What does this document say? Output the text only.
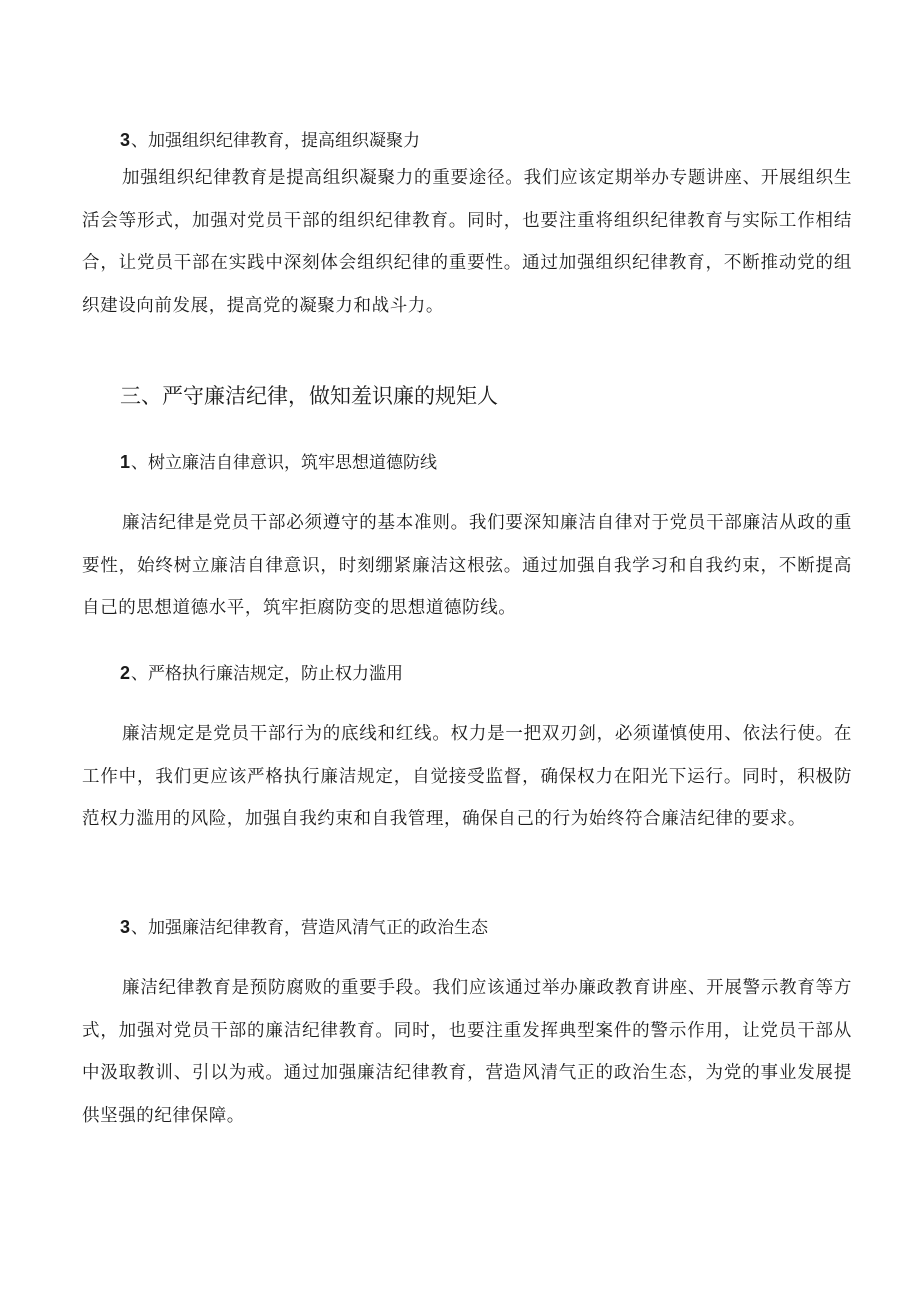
3、加强组织纪律教育，提高组织凝聚力
加强组织纪律教育是提高组织凝聚力的重要途径。我们应该定期举办专题讲座、开展组织生活会等形式，加强对党员干部的组织纪律教育。同时，也要注重将组织纪律教育与实际工作相结合，让党员干部在实践中深刻体会组织纪律的重要性。通过加强组织纪律教育，不断推动党的组织建设向前发展，提高党的凝聚力和战斗力。
三、严守廉洁纪律，做知羞识廉的规矩人
1、树立廉洁自律意识，筑牢思想道德防线
廉洁纪律是党员干部必须遵守的基本准则。我们要深知廉洁自律对于党员干部廉洁从政的重要性，始终树立廉洁自律意识，时刻绷紧廉洁这根弦。通过加强自我学习和自我约束，不断提高自己的思想道德水平，筑牢拒腐防变的思想道德防线。
2、严格执行廉洁规定，防止权力滥用
廉洁规定是党员干部行为的底线和红线。权力是一把双刃剑，必须谨慎使用、依法行使。在工作中，我们更应该严格执行廉洁规定，自觉接受监督，确保权力在阳光下运行。同时，积极防范权力滥用的风险，加强自我约束和自我管理，确保自己的行为始终符合廉洁纪律的要求。
3、加强廉洁纪律教育，营造风清气正的政治生态
廉洁纪律教育是预防腐败的重要手段。我们应该通过举办廉政教育讲座、开展警示教育等方式，加强对党员干部的廉洁纪律教育。同时，也要注重发挥典型案件的警示作用，让党员干部从中汲取教训、引以为戒。通过加强廉洁纪律教育，营造风清气正的政治生态，为党的事业发展提供坚强的纪律保障。
